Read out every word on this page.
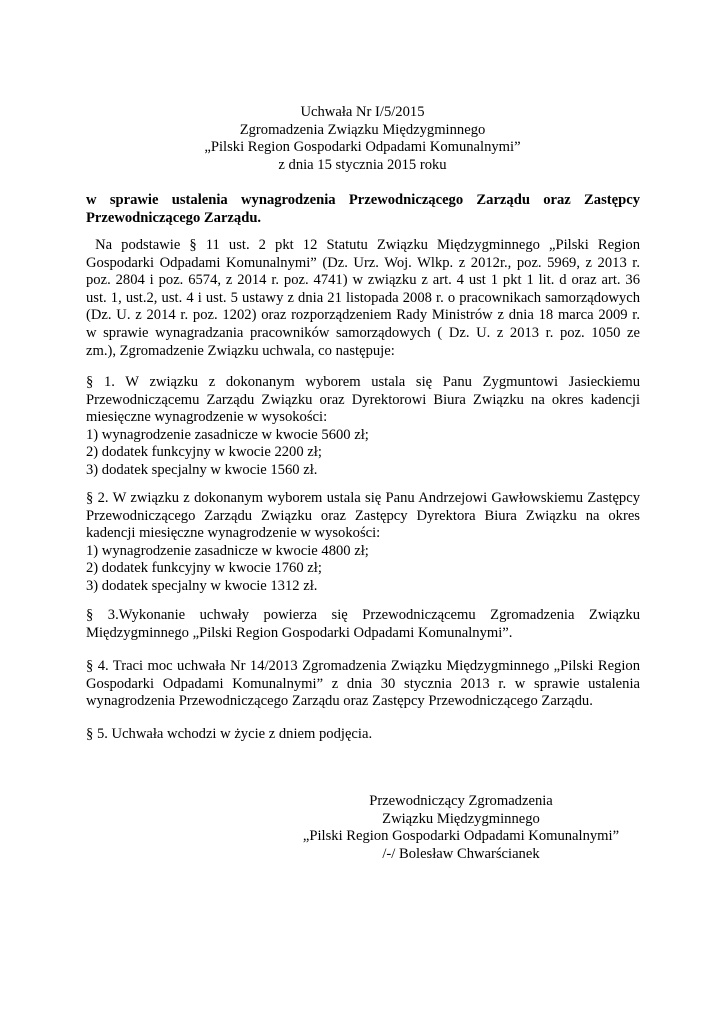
Uchwała Nr I/5/2015
Zgromadzenia Związku Międzygminnego
„Pilski Region Gospodarki Odpadami Komunalnymi”
z dnia 15 stycznia 2015 roku
w sprawie ustalenia wynagrodzenia Przewodniczącego Zarządu oraz Zastępcy
Przewodniczącego Zarządu.
Na podstawie § 11 ust. 2 pkt 12 Statutu Związku Międzygminnego „Pilski Region
Gospodarki Odpadami Komunalnymi” (Dz. Urz. Woj. Wlkp. z 2012r., poz. 5969, z 2013 r.
poz. 2804 i poz. 6574, z 2014 r. poz. 4741) w związku z art. 4 ust 1 pkt 1 lit. d oraz art. 36
ust. 1, ust.2, ust. 4 i ust. 5 ustawy z dnia 21 listopada 2008 r. o pracownikach samorządowych
(Dz. U. z 2014 r. poz. 1202) oraz rozporządzeniem Rady Ministrów z dnia 18 marca 2009 r.
w sprawie wynagradzania pracowników samorządowych ( Dz. U. z 2013 r. poz. 1050 ze
zm.), Zgromadzenie Związku uchwala, co następuje:
§ 1. W związku z dokonanym wyborem ustala się Panu Zygmuntowi Jasieckiemu
Przewodniczącemu Zarządu Związku oraz Dyrektorowi Biura Związku na okres kadencji
miesięczne wynagrodzenie w wysokości:
1) wynagrodzenie zasadnicze w kwocie 5600 zł;
2) dodatek funkcyjny w kwocie 2200 zł;
3) dodatek specjalny w kwocie 1560 zł.
§ 2. W związku z dokonanym wyborem ustala się Panu Andrzejowi Gawłowskiemu Zastępcy
Przewodniczącego Zarządu Związku oraz Zastępcy Dyrektora Biura Związku na okres
kadencji miesięczne wynagrodzenie w wysokości:
1) wynagrodzenie zasadnicze w kwocie 4800 zł;
2) dodatek funkcyjny w kwocie 1760 zł;
3) dodatek specjalny w kwocie 1312 zł.
§ 3.Wykonanie uchwały powierza się Przewodniczącemu Zgromadzenia Związku
Międzygminnego „Pilski Region Gospodarki Odpadami Komunalnymi”.
§ 4. Traci moc uchwała Nr 14/2013 Zgromadzenia Związku Międzygminnego „Pilski Region
Gospodarki Odpadami Komunalnymi” z dnia 30 stycznia 2013 r. w sprawie ustalenia
wynagrodzenia Przewodniczącego Zarządu oraz Zastępcy Przewodniczącego Zarządu.
§ 5. Uchwała wchodzi w życie z dniem podjęcia.
Przewodniczący Zgromadzenia
Związku Międzygminnego
„Pilski Region Gospodarki Odpadami Komunalnymi”
/-/ Bolesław Chwarścianek
